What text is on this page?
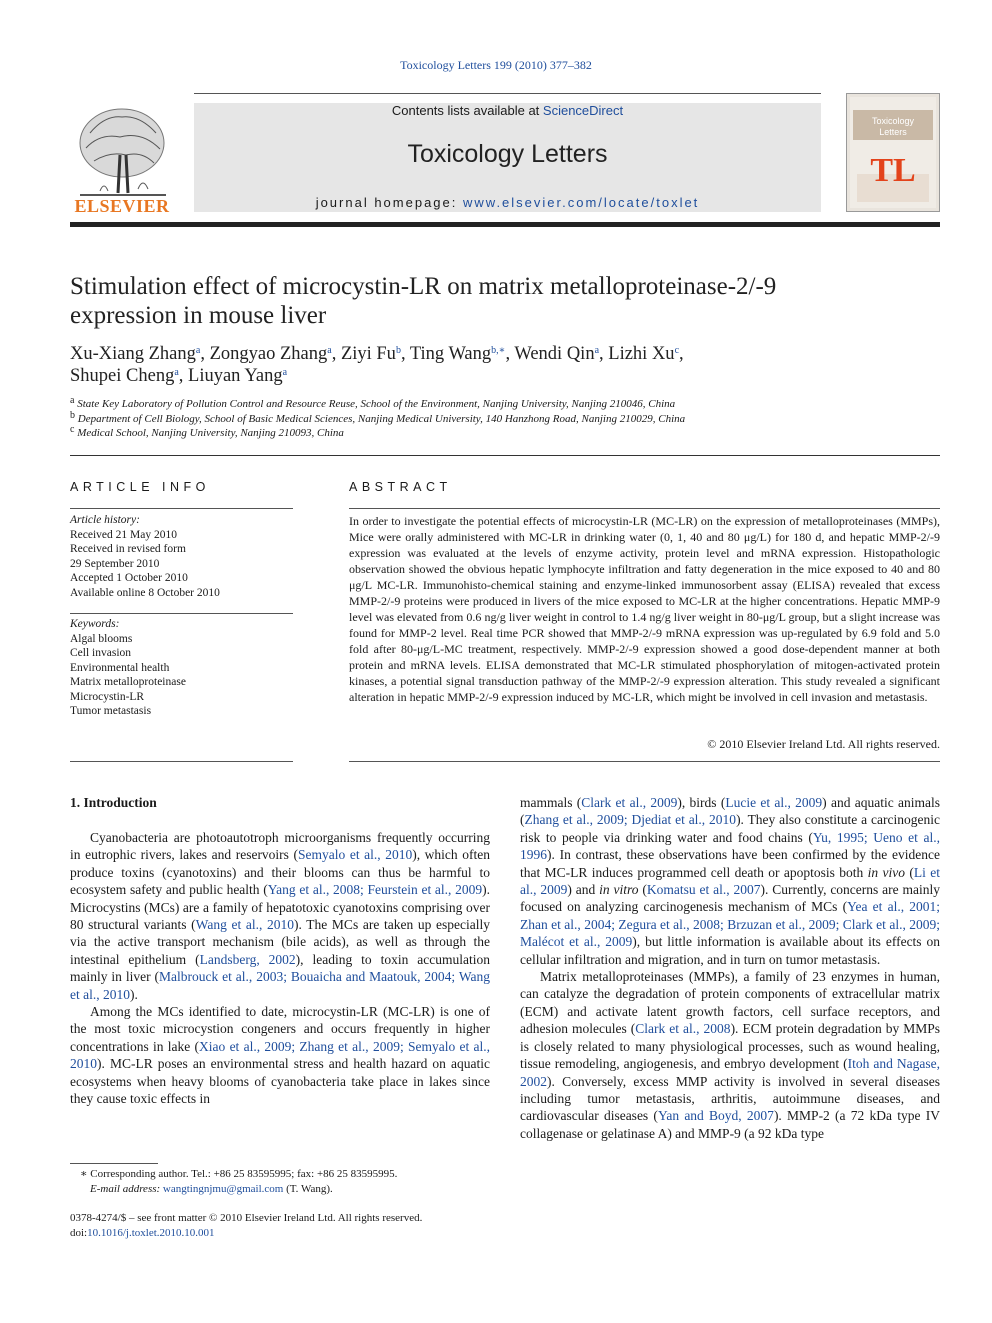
Toxicology Letters 199 (2010) 377–382
ELSEVIER
Contents lists available at ScienceDirect
Toxicology Letters
journal homepage: www.elsevier.com/locate/toxlet
Toxicology
Letters
TL
Stimulation effect of microcystin-LR on matrix metalloproteinase-2/-9
expression in mouse liver
Xu-Xiang Zhang$^a$, Zongyao Zhang$^a$, Ziyi Fu$^b$, Ting Wang$^{b,∗}$, Wendi Qin$^a$, Lizhi Xu$^c$,
Shupei Cheng$^a$, Liuyan Yang$^a$
$^a$ State Key Laboratory of Pollution Control and Resource Reuse, School of the Environment, Nanjing University, Nanjing 210046, China
$^b$ Department of Cell Biology, School of Basic Medical Sciences, Nanjing Medical University, 140 Hanzhong Road, Nanjing 210029, China
$^c$ Medical School, Nanjing University, Nanjing 210093, China
ARTICLE INFO
Article history:
Received 21 May 2010
Received in revised form
29 September 2010
Accepted 1 October 2010
Available online 8 October 2010
Keywords:
Algal blooms
Cell invasion
Environmental health
Matrix metalloproteinase
Microcystin-LR
Tumor metastasis
ABSTRACT
In order to investigate the potential effects of microcystin-LR (MC-LR) on the expression of metalloproteinases (MMPs), Mice were orally administered with MC-LR in drinking water (0, 1, 40 and 80 μg/L) for 180 d, and hepatic MMP-2/-9 expression was evaluated at the levels of enzyme activity, protein level and mRNA expression. Histopathologic observation showed the obvious hepatic lymphocyte infiltration and fatty degeneration in the mice exposed to 40 and 80 μg/L MC-LR. Immunohisto-chemical staining and enzyme-linked immunosorbent assay (ELISA) revealed that excess MMP-2/-9 proteins were produced in livers of the mice exposed to MC-LR at the higher concentrations. Hepatic MMP-9 level was elevated from 0.6 ng/g liver weight in control to 1.4 ng/g liver weight in 80-μg/L group, but a slight increase was found for MMP-2 level. Real time PCR showed that MMP-2/-9 mRNA expression was up-regulated by 6.9 fold and 5.0 fold after 80-μg/L-MC treatment, respectively. MMP-2/-9 expression showed a good dose-dependent manner at both protein and mRNA levels. ELISA demonstrated that MC-LR stimulated phosphorylation of mitogen-activated protein kinases, a potential signal transduction pathway of the MMP-2/-9 expression alteration. This study revealed a significant alteration in hepatic MMP-2/-9 expression induced by MC-LR, which might be involved in cell invasion and metastasis.
© 2010 Elsevier Ireland Ltd. All rights reserved.
1. Introduction

Cyanobacteria are photoautotroph microorganisms frequently occurring in eutrophic rivers, lakes and reservoirs (Semyalo et al., 2010), which often produce toxins (cyanotoxins) and their blooms can thus be harmful to ecosystem safety and public health (Yang et al., 2008; Feurstein et al., 2009). Microcystins (MCs) are a family of hepatotoxic cyanotoxins comprising over 80 structural variants (Wang et al., 2010). The MCs are taken up especially via the active transport mechanism (bile acids), as well as through the intestinal epithelium (Landsberg, 2002), leading to toxin accumulation mainly in liver (Malbrouck et al., 2003; Bouaicha and Maatouk, 2004; Wang et al., 2010).

Among the MCs identified to date, microcystin-LR (MC-LR) is one of the most toxic microcystion congeners and occurs frequently in higher concentrations in lake (Xiao et al., 2009; Zhang et al., 2009; Semyalo et al., 2010). MC-LR poses an environmental stress and health hazard on aquatic ecosystems when heavy blooms of cyanobacteria take place in lakes since they cause toxic effects in

mammals (Clark et al., 2009), birds (Lucie et al., 2009) and aquatic animals (Zhang et al., 2009; Djediat et al., 2010). They also constitute a carcinogenic risk to people via drinking water and food chains (Yu, 1995; Ueno et al., 1996). In contrast, these observations have been confirmed by the evidence that MC-LR induces programmed cell death or apoptosis both in vivo (Li et al., 2009) and in vitro (Komatsu et al., 2007). Currently, concerns are mainly focused on analyzing carcinogenesis mechanism of MCs (Yea et al., 2001; Zhan et al., 2004; Zegura et al., 2008; Brzuzan et al., 2009; Clark et al., 2009; Malécot et al., 2009), but little information is available about its effects on cellular infiltration and migration, and in turn on tumor metastasis.

Matrix metalloproteinases (MMPs), a family of 23 enzymes in human, can catalyze the degradation of protein components of extracellular matrix (ECM) and activate latent growth factors, cell surface receptors, and adhesion molecules (Clark et al., 2008). ECM protein degradation by MMPs is closely related to many physiological processes, such as wound healing, tissue remodeling, angiogenesis, and embryo development (Itoh and Nagase, 2002). Conversely, excess MMP activity is involved in several diseases including tumor metastasis, arthritis, autoimmune diseases, and cardiovascular diseases (Yan and Boyd, 2007). MMP-2 (a 72 kDa type IV collagenase or gelatinase A) and MMP-9 (a 92 kDa type

∗ Corresponding author. Tel.: +86 25 83595995; fax: +86 25 83595995.
E-mail address: wangtingnjmu@gmail.com (T. Wang).
0378-4274/$ – see front matter © 2010 Elsevier Ireland Ltd. All rights reserved.
doi:10.1016/j.toxlet.2010.10.001
